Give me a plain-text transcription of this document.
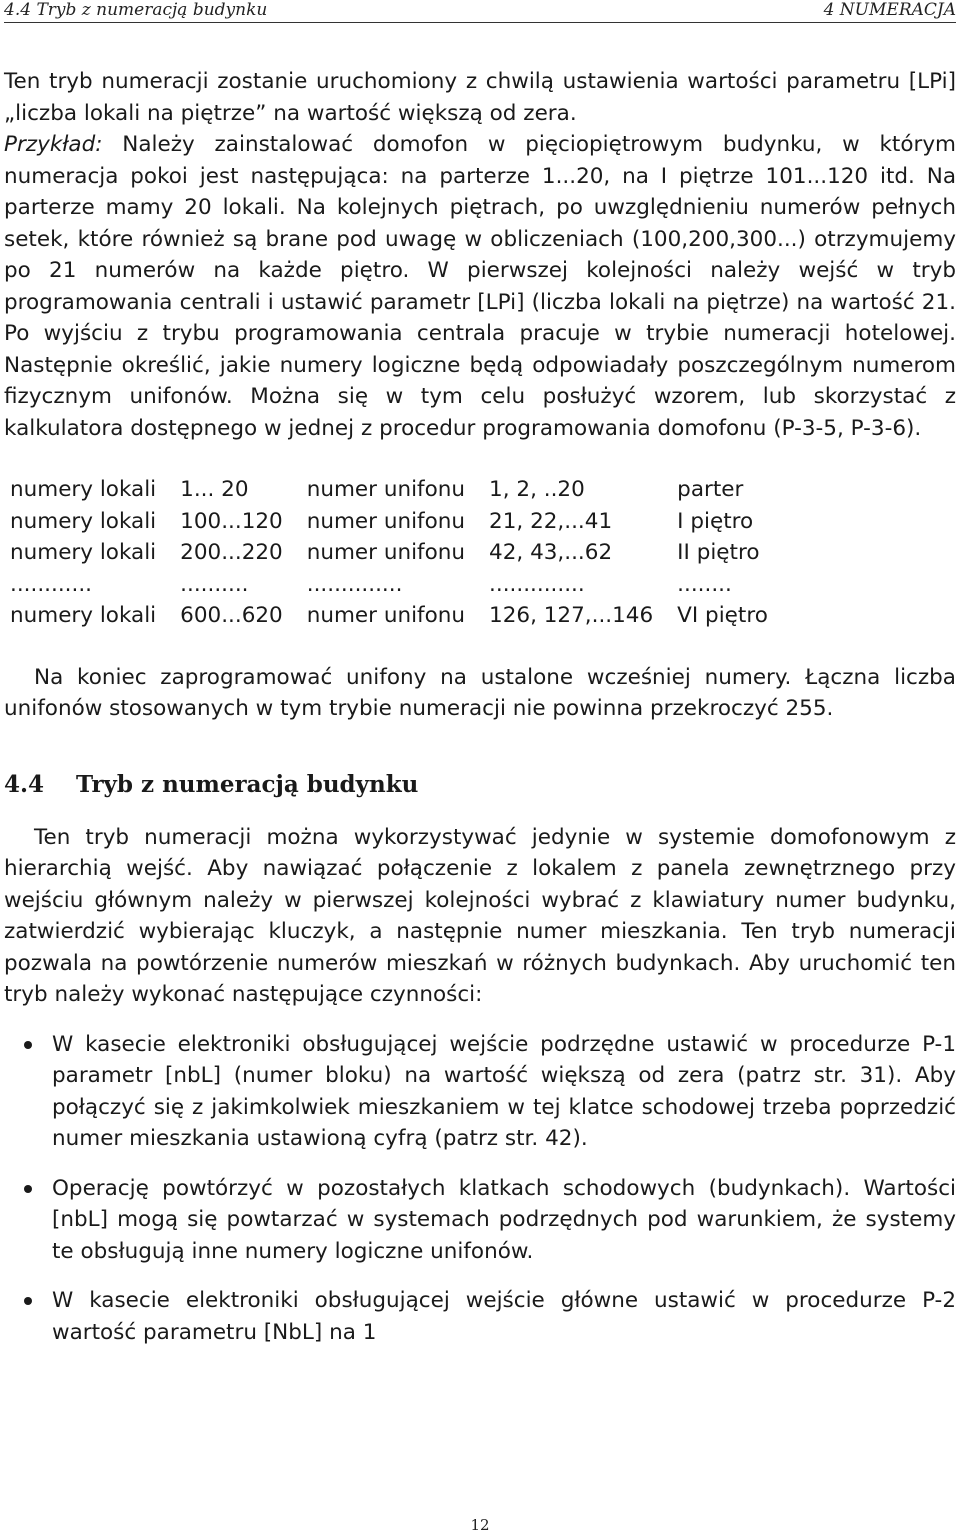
4.4 Tryb z numeracją budynku	4 NUMERACJA

Ten tryb numeracji zostanie uruchomiony z chwilą ustawienia wartości parametru [LPi] „liczba lokali na piętrze” na wartość większą od zera.

Przykład: Należy zainstalować domofon w pięciopiętrowym budynku, w którym numeracja pokoi jest następująca: na parterze 1...20, na I piętrze 101...120 itd. Na parterze mamy 20 lokali. Na kolejnych piętrach, po uwzględnieniu numerów pełnych setek, które również są brane pod uwagę w obliczeniach (100,200,300...) otrzymujemy po 21 numerów na każde piętro. W pierwszej kolejności należy wejść w tryb programowania centrali i ustawić parametr [LPi] (liczba lokali na piętrze) na wartość 21. Po wyjściu z trybu programowania centrala pracuje w trybie numeracji hotelowej. Następnie określić, jakie numery logiczne będą odpowiadały poszczególnym numerom fizycznym unifonów. Można się w tym celu posłużyć wzorem, lub skorzystać z kalkulatora dostępnego w jednej z procedur programowania domofonu (P-3-5, P-3-6).

numery lokali	1... 20	numer unifonu	1, 2, ..20	parter
numery lokali	100...120	numer unifonu	21, 22,...41	I piętro
numery lokali	200...220	numer unifonu	42, 43,...62	II piętro
............	..........	..............	..............	........
numery lokali	600...620	numer unifonu	126, 127,...146	VI piętro

Na koniec zaprogramować unifony na ustalone wcześniej numery. Łączna liczba unifonów stosowanych w tym trybie numeracji nie powinna przekroczyć 255.

4.4 Tryb z numeracją budynku

Ten tryb numeracji można wykorzystywać jedynie w systemie domofonowym z hierarchią wejść. Aby nawiązać połączenie z lokalem z panela zewnętrznego przy wejściu głównym należy w pierwszej kolejności wybrać z klawiatury numer budynku, zatwierdzić wybierając kluczyk, a następnie numer mieszkania. Ten tryb numeracji pozwala na powtórzenie numerów mieszkań w różnych budynkach. Aby uruchomić ten tryb należy wykonać następujące czynności:

W kasecie elektroniki obsługującej wejście podrzędne ustawić w procedurze P-1 parametr [nbL] (numer bloku) na wartość większą od zera (patrz str. 31). Aby połączyć się z jakimkolwiek mieszkaniem w tej klatce schodowej trzeba poprzedzić numer mieszkania ustawioną cyfrą (patrz str. 42).

Operację powtórzyć w pozostałych klatkach schodowych (budynkach). Wartości [nbL] mogą się powtarzać w systemach podrzędnych pod warunkiem, że systemy te obsługują inne numery logiczne unifonów.

W kasecie elektroniki obsługującej wejście główne ustawić w procedurze P-2 wartość parametru [NbL] na 1

12
